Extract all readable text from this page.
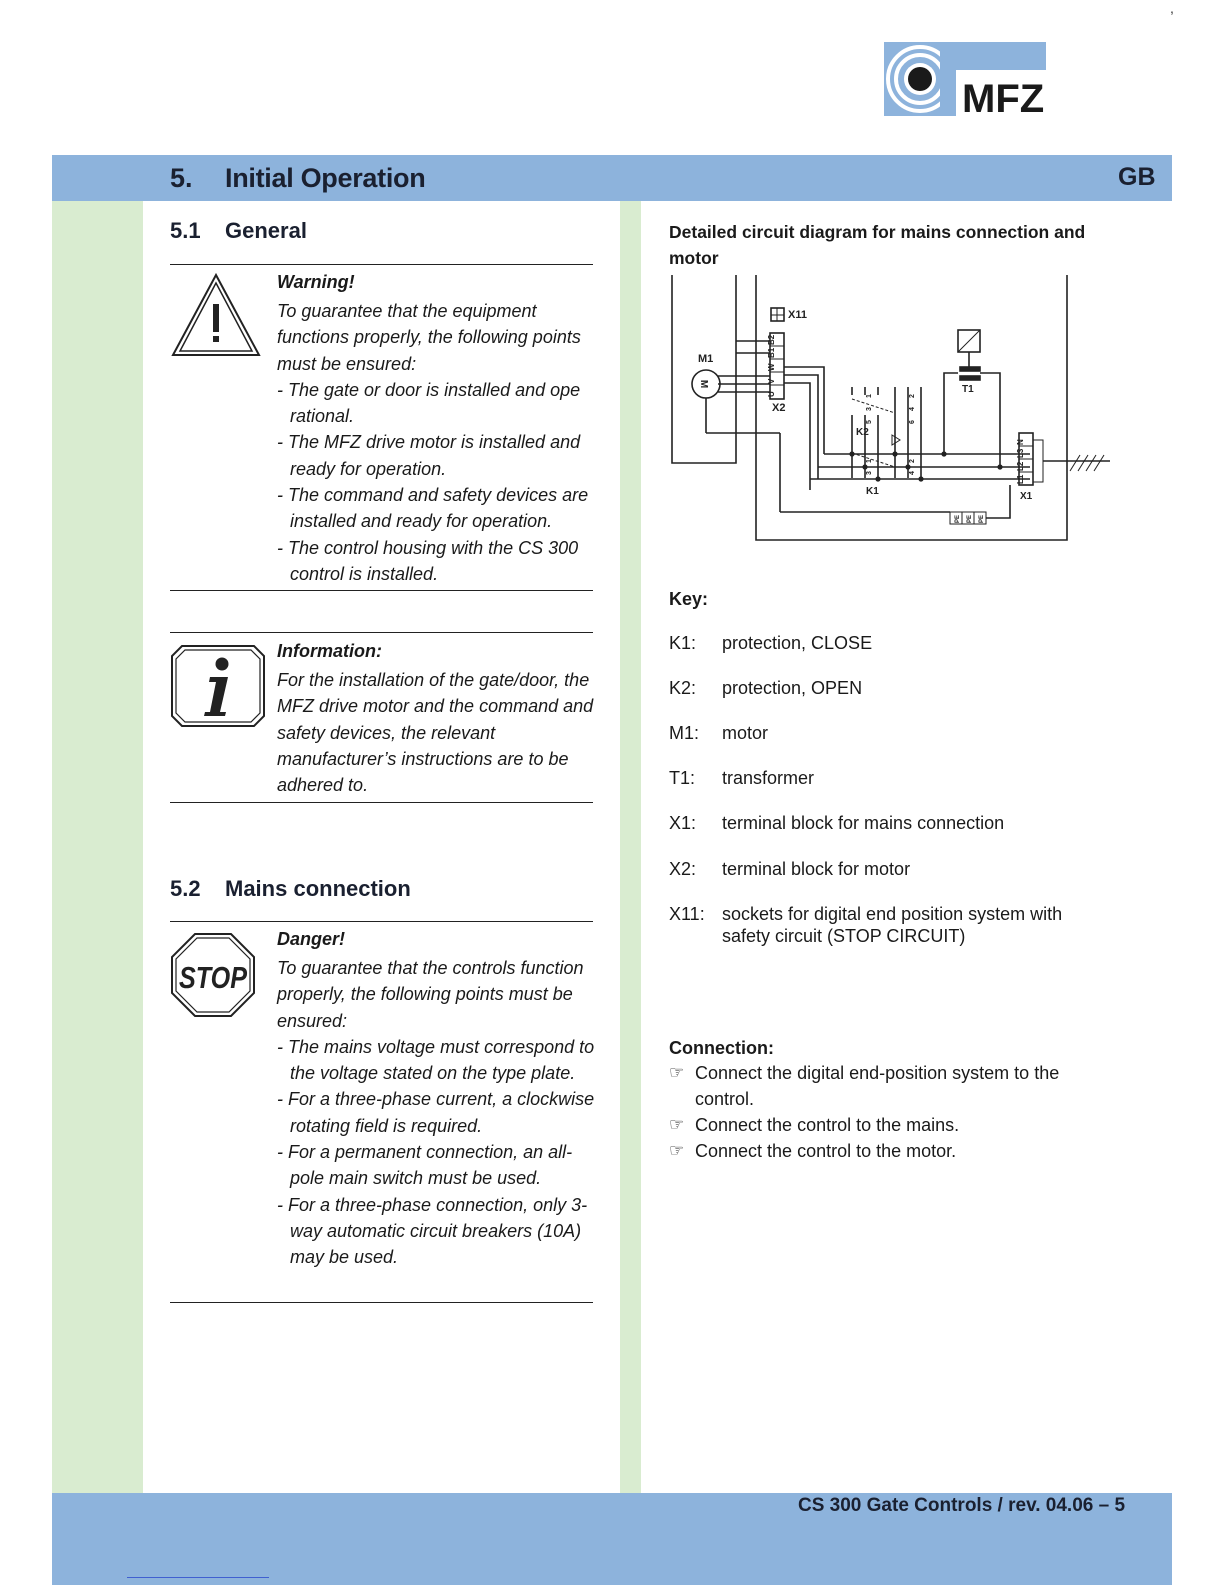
MFZ
,
5. Initial Operation	GB
5.1 General
Warning!

To guarantee that the equipment functions properly, the following points must be ensured:

- The gate or door is installed and ope rational.

- The MFZ drive motor is installed and ready for operation.

- The command and safety devices are installed and ready for operation.

- The control housing with the CS 300 control is installed.

Information:
For the installation of the gate/door, the MFZ drive motor and the command and safety devices, the relevant manufacturer’s instructions are to be adhered to.
5.2 Mains connection
STOP
Danger!

To guarantee that the controls function properly, the following points must be ensured:

- The mains voltage must correspond to the voltage stated on the type plate.

- For a three-phase current, a clockwise rotating field is required.

- For a permanent connection, an all-pole main switch must be used.

- For a three-phase connection, only 3-way automatic circuit breakers (10A) may be used.

Detailed circuit diagram for mains connection and motor
M
M1
X11
U
V
W
B1
B2
X2
K2
1
3
5
2
4
6
K1
1
3
2
4
T1
L1
L2
L3
N
X1
PE PE PE
Key:
K1:	protection, CLOSE
K2:	protection, OPEN
M1:	motor
T1:	transformer
X1:	terminal block for mains connection
X2:	terminal block for motor
X11: sockets for digital end position system with safety circuit (STOP CIRCUIT)
Connection:
☞ Connect the digital end-position system to the control.
☞ Connect the control to the mains.
☞ Connect the control to the motor.
CS 300 Gate Controls / rev. 04.06 – 5
